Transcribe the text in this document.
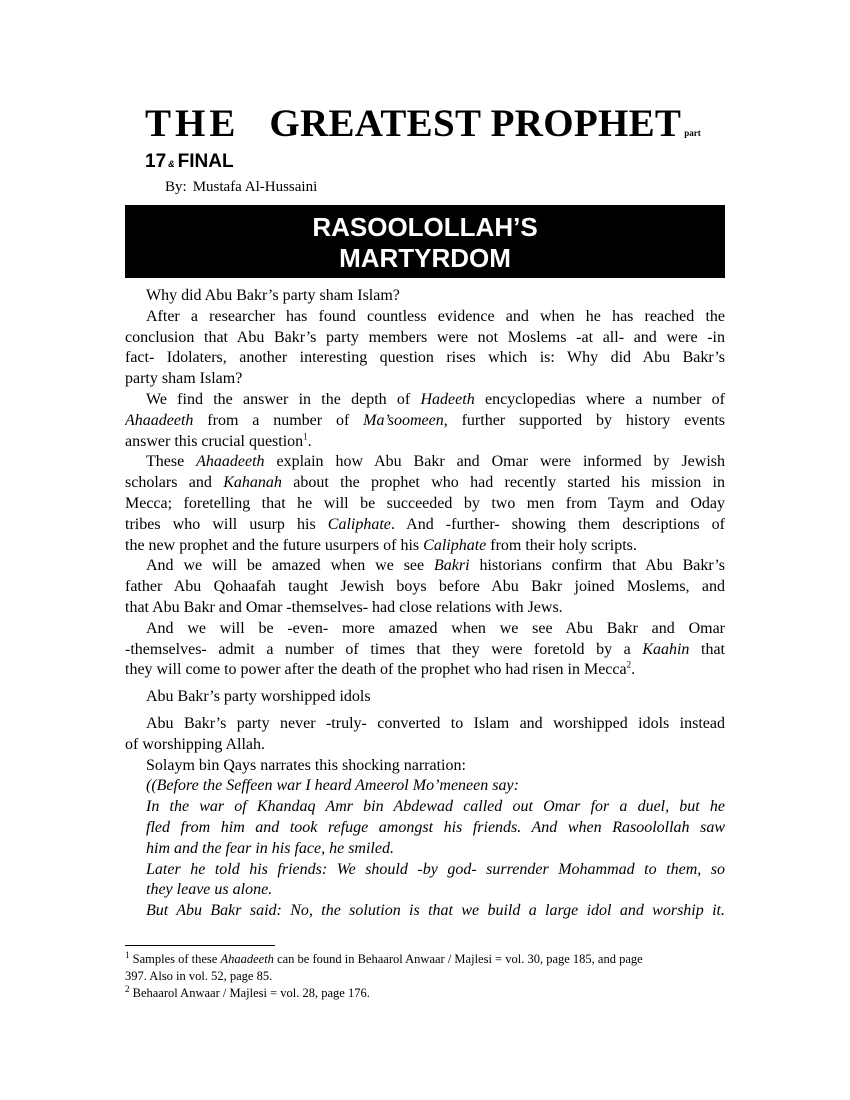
THE GREATEST PROPHET part
17 & FINAL
By: Mustafa Al-Hussaini
RASOOLOLLAH’S
MARTYRDOM
Why did Abu Bakr’s party sham Islam?
After a researcher has found countless evidence and when he has reached the
conclusion that Abu Bakr’s party members were not Moslems -at all- and were -in
fact- Idolaters, another interesting question rises which is: Why did Abu Bakr’s
party sham Islam?
We find the answer in the depth of Hadeeth encyclopedias where a number of
Ahaadeeth from a number of Ma’soomeen, further supported by history events
answer this crucial question$^1$.
These Ahaadeeth explain how Abu Bakr and Omar were informed by Jewish
scholars and Kahanah about the prophet who had recently started his mission in
Mecca; foretelling that he will be succeeded by two men from Taym and Oday
tribes who will usurp his Caliphate. And -further- showing them descriptions of
the new prophet and the future usurpers of his Caliphate from their holy scripts.
And we will be amazed when we see Bakri historians confirm that Abu Bakr’s
father Abu Qohaafah taught Jewish boys before Abu Bakr joined Moslems, and
that Abu Bakr and Omar -themselves- had close relations with Jews.
And we will be -even- more amazed when we see Abu Bakr and Omar
-themselves- admit a number of times that they were foretold by a Kaahin that
they will come to power after the death of the prophet who had risen in Mecca$^2$.
Abu Bakr’s party worshipped idols
Abu Bakr’s party never -truly- converted to Islam and worshipped idols instead
of worshipping Allah.
Solaym bin Qays narrates this shocking narration:
((Before the Seffeen war I heard Ameerol Mo’meneen say:
In the war of Khandaq Amr bin Abdewad called out Omar for a duel, but he
fled from him and took refuge amongst his friends. And when Rasoolollah saw
him and the fear in his face, he smiled.
Later he told his friends: We should -by god- surrender Mohammad to them, so
they leave us alone.
But Abu Bakr said: No, the solution is that we build a large idol and worship it.
$^1$ Samples of these Ahaadeeth can be found in Behaarol Anwaar / Majlesi = vol. 30, page 185, and page
397. Also in vol. 52, page 85.
$^2$ Behaarol Anwaar / Majlesi = vol. 28, page 176.
